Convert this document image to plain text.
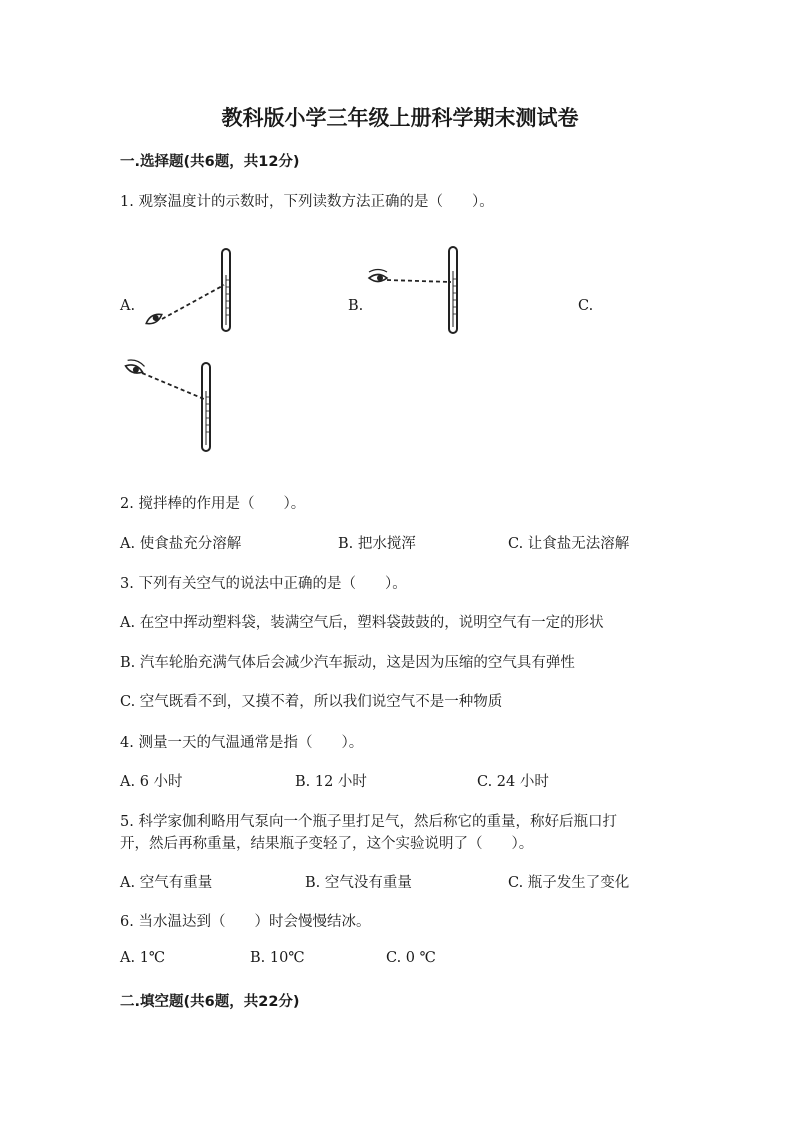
教科版小学三年级上册科学期末测试卷
一.选择题(共6题，共12分)
1. 观察温度计的示数时，下列读数方法正确的是（　　）。
A.	B.	C.
2. 搅拌棒的作用是（　　）。
A. 使食盐充分溶解	B. 把水搅浑	C. 让食盐无法溶解
3. 下列有关空气的说法中正确的是（　　）。
A. 在空中挥动塑料袋，装满空气后，塑料袋鼓鼓的，说明空气有一定的形状
B. 汽车轮胎充满气体后会减少汽车振动，这是因为压缩的空气具有弹性
C. 空气既看不到，又摸不着，所以我们说空气不是一种物质
4. 测量一天的气温通常是指（　　）。
A. 6 小时	B. 12 小时	C. 24 小时
5. 科学家伽利略用气泵向一个瓶子里打足气，然后称它的重量，称好后瓶口打
开，然后再称重量，结果瓶子变轻了，这个实验说明了（　　）。
A. 空气有重量	B. 空气没有重量	C. 瓶子发生了变化
6. 当水温达到（　　）时会慢慢结冰。
A. 1℃	B. 10℃	C. 0 ℃
二.填空题(共6题，共22分)
